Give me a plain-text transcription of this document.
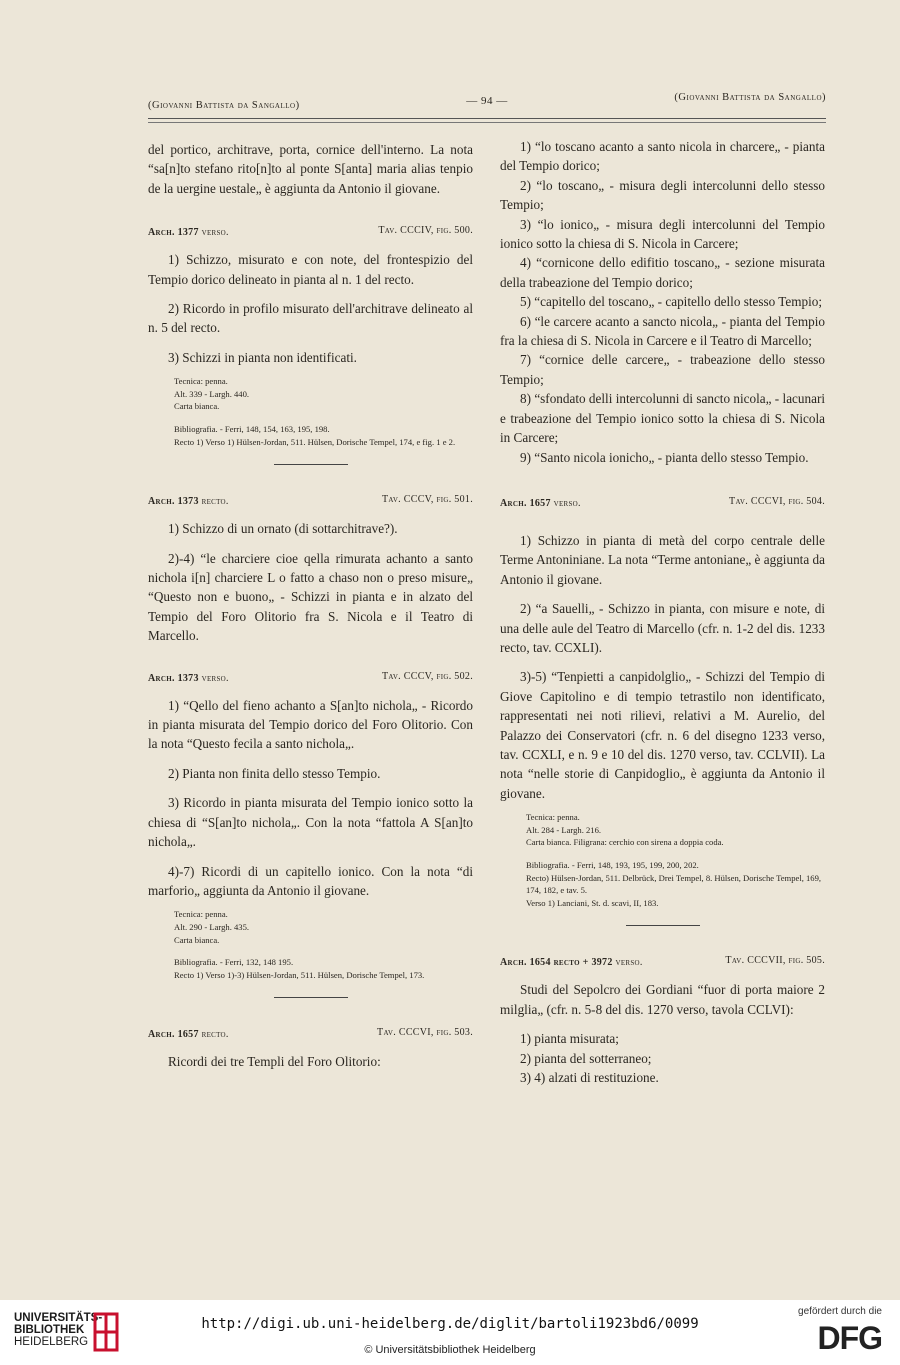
(Giovanni Battista da Sangallo)	— 94 —	(Giovanni Battista da Sangallo)

del portico, architrave, porta, cornice dell'interno. La nota “sa[n]to stefano rito[n]to al ponte S[anta] maria alias tenpio de la uergine uestale„ è aggiunta da Antonio il giovane.

Arch. 1377 verso.	Tav. CCCIV, fig. 500.

1) Schizzo, misurato e con note, del frontespizio del Tempio dorico delineato in pianta al n. 1 del recto.

2) Ricordo in profilo misurato dell'architrave delineato al n. 5 del recto.

3) Schizzi in pianta non identificati.

Tecnica: penna.

Alt. 339 - Largh. 440.

Carta bianca.

Bibliografia. - Ferri, 148, 154, 163, 195, 198.

Recto 1) Verso 1) Hülsen-Jordan, 511. Hülsen, Dorische Tempel, 174, e fig. 1 e 2.

Arch. 1373 recto.	Tav. CCCV, fig. 501.

1) Schizzo di un ornato (di sottarchitrave?).

2)-4) “le charciere cioe qella rimurata achanto a santo nichola i[n] charciere L o fatto a chaso non o preso misure„ “Questo non e buono„ - Schizzi in pianta e in alzato del Tempio del Foro Olitorio fra S. Nicola e il Teatro di Marcello.

Arch. 1373 verso.	Tav. CCCV, fig. 502.

1) “Qello del fieno achanto a S[an]to nichola„ - Ricordo in pianta misurata del Tempio dorico del Foro Olitorio. Con la nota “Questo fecila a santo nichola„.

2) Pianta non finita dello stesso Tempio.

3) Ricordo in pianta misurata del Tempio ionico sotto la chiesa di “S[an]to nichola„. Con la nota “fattola A S[an]to nichola„.

4)-7) Ricordi di un capitello ionico. Con la nota “di marforio„ aggiunta da Antonio il giovane.

Tecnica: penna.

Alt. 290 - Largh. 435.

Carta bianca.

Bibliografia. - Ferri, 132, 148 195.

Recto 1) Verso 1)-3) Hülsen-Jordan, 511. Hülsen, Dorische Tempel, 173.

Arch. 1657 recto.	Tav. CCCVI, fig. 503.

Ricordi dei tre Templi del Foro Olitorio:

1) “lo toscano acanto a santo nicola in charcere„ - pianta del Tempio dorico;

2) “lo toscano„ - misura degli intercolunni dello stesso Tempio;

3) “lo ionico„ - misura degli intercolunni del Tempio ionico sotto la chiesa di S. Nicola in Carcere;

4) “cornicone dello edifitio toscano„ - sezione misurata della trabeazione del Tempio dorico;

5) “capitello del toscano„ - capitello dello stesso Tempio;

6) “le carcere acanto a sancto nicola„ - pianta del Tempio fra la chiesa di S. Nicola in Carcere e il Teatro di Marcello;

7) “cornice delle carcere„ - trabeazione dello stesso Tempio;

8) “sfondato delli intercolunni di sancto nicola„ - lacunari e trabeazione del Tempio ionico sotto la chiesa di S. Nicola in Carcere;

9) “Santo nicola ionicho„ - pianta dello stesso Tempio.

Arch. 1657 verso.	Tav. CCCVI, fig. 504.

1) Schizzo in pianta di metà del corpo centrale delle Terme Antoniniane. La nota “Terme antoniane„ è aggiunta da Antonio il giovane.

2) “a Sauelli„ - Schizzo in pianta, con misure e note, di una delle aule del Teatro di Marcello (cfr. n. 1-2 del dis. 1233 recto, tav. CCXLI).

3)-5) “Tenpietti a canpidolglio„ - Schizzi del Tempio di Giove Capitolino e di tempio tetrastilo non identificato, rappresentati nei noti rilievi, relativi a M. Aurelio, del Palazzo dei Conservatori (cfr. n. 6 del disegno 1233 verso, tav. CCXLI, e n. 9 e 10 del dis. 1270 verso, tav. CCLVII). La nota “nelle storie di Canpidoglio„ è aggiunta da Antonio il giovane.

Tecnica: penna.

Alt. 284 - Largh. 216.

Carta bianca. Filigrana: cerchio con sirena a doppia coda.

Bibliografia. - Ferri, 148, 193, 195, 199, 200, 202.

Recto) Hülsen-Jordan, 511. Delbrück, Drei Tempel, 8. Hülsen, Dorische Tempel, 169, 174, 182, e tav. 5.

Verso 1) Lanciani, St. d. scavi, II, 183.

Arch. 1654 recto + 3972 verso.	Tav. CCCVII, fig. 505.

Studi del Sepolcro dei Gordiani “fuor di porta maiore 2 milglia„ (cfr. n. 5-8 del dis. 1270 verso, tavola CCLVI):

1) pianta misurata;

2) pianta del sotterraneo;

3) 4) alzati di restituzione.

UNIVERSITÄTS-
BIBLIOTHEK
HEIDELBERG
http://digi.ub.uni-heidelberg.de/diglit/bartoli1923bd6/0099
© Universitätsbibliothek Heidelberg
gefördert durch die
DFG
